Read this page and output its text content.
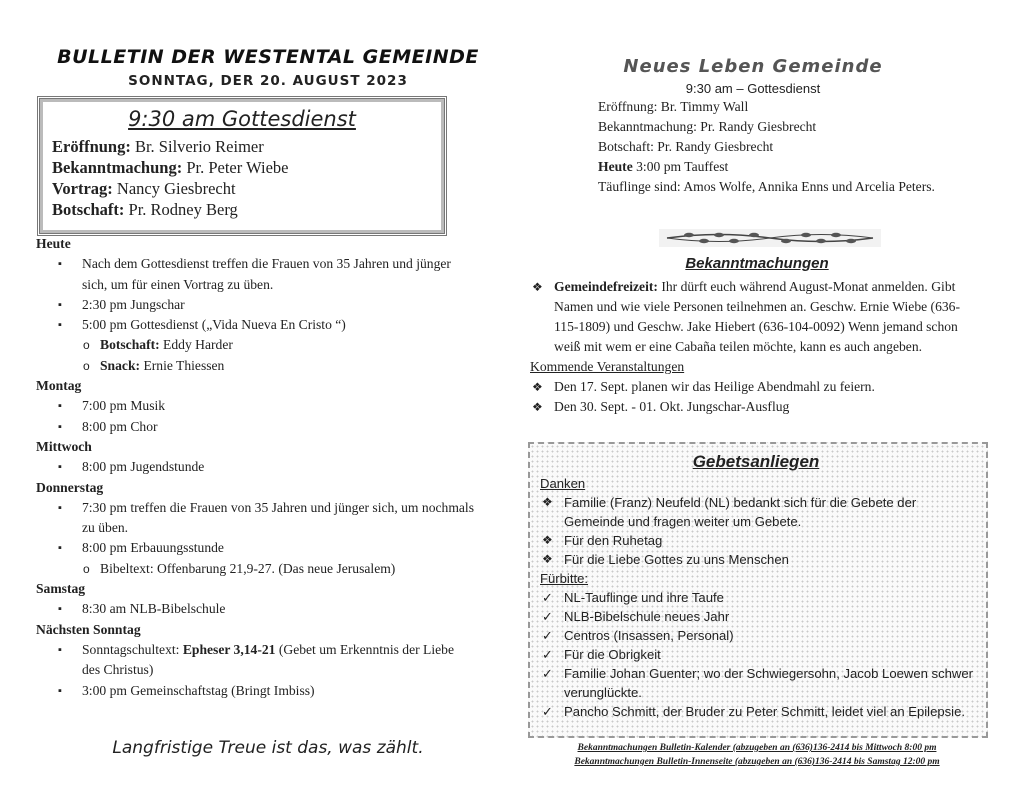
BULLETIN DER WESTENTAL GEMEINDE
SONNTAG, DER 20. AUGUST 2023
9:30 am Gottesdienst
Eröffnung: Br. Silverio Reimer
Bekanntmachung: Pr. Peter Wiebe
Vortrag: Nancy Giesbrecht
Botschaft: Pr. Rodney Berg
Heute
▪ Nach dem Gottesdienst treffen die Frauen von 35 Jahren und jünger sich, um für einen Vortrag zu üben.
▪ 2:30 pm Jungschar
▪ 5:00 pm Gottesdienst („Vida Nueva En Cristo “)
o Botschaft: Eddy Harder
o Snack: Ernie Thiessen
Montag
▪ 7:00 pm Musik
▪ 8:00 pm Chor
Mittwoch
▪ 8:00 pm Jugendstunde
Donnerstag
▪ 7:30 pm treffen die Frauen von 35 Jahren und jünger sich, um nochmals zu üben.
▪ 8:00 pm Erbauungsstunde
o Bibeltext: Offenbarung 21,9-27. (Das neue Jerusalem)
Samstag
▪ 8:30 am NLB-Bibelschule
Nächsten Sonntag
▪ Sonntagschultext: Epheser 3,14-21 (Gebet um Erkenntnis der Liebe des Christus)
▪ 3:00 pm Gemeinschaftstag (Bringt Imbiss)
Langfristige Treue ist das, was zählt.
Neues Leben Gemeinde
9:30 am – Gottesdienst
Eröffnung: Br. Timmy Wall
Bekanntmachung: Pr. Randy Giesbrecht
Botschaft: Pr. Randy Giesbrecht
Heute 3:00 pm Tauffest
Täuflinge sind: Amos Wolfe, Annika Enns und Arcelia Peters.
Bekanntmachungen
❖ Gemeindefreizeit: Ihr dürft euch während August-Monat anmelden. Gibt Namen und wie viele Personen teilnehmen an. Geschw. Ernie Wiebe (636-115-1809) und Geschw. Jake Hiebert (636-104-0092) Wenn jemand schon weiß mit wem er eine Cabaña teilen möchte, kann es auch angeben.
Kommende Veranstaltungen
❖ Den 17. Sept. planen wir das Heilige Abendmahl zu feiern.
❖ Den 30. Sept. - 01. Okt. Jungschar-Ausflug
Gebetsanliegen
Danken
❖ Familie (Franz) Neufeld (NL) bedankt sich für die Gebete der Gemeinde und fragen weiter um Gebete.
❖ Für den Ruhetag
❖ Für die Liebe Gottes zu uns Menschen
Fürbitte:
✓ NL-Tauflinge und ihre Taufe
✓ NLB-Bibelschule neues Jahr
✓ Centros (Insassen, Personal)
✓ Für die Obrigkeit
✓ Familie Johan Guenter; wo der Schwiegersohn, Jacob Loewen schwer verunglückte.
✓ Pancho Schmitt, der Bruder zu Peter Schmitt, leidet viel an Epilepsie.
Bekanntmachungen Bulletin-Kalender (abzugeben an (636)136-2414 bis Mittwoch 8:00 pm
Bekanntmachungen Bulletin-Innenseite (abzugeben an (636)136-2414 bis Samstag 12:00 pm
